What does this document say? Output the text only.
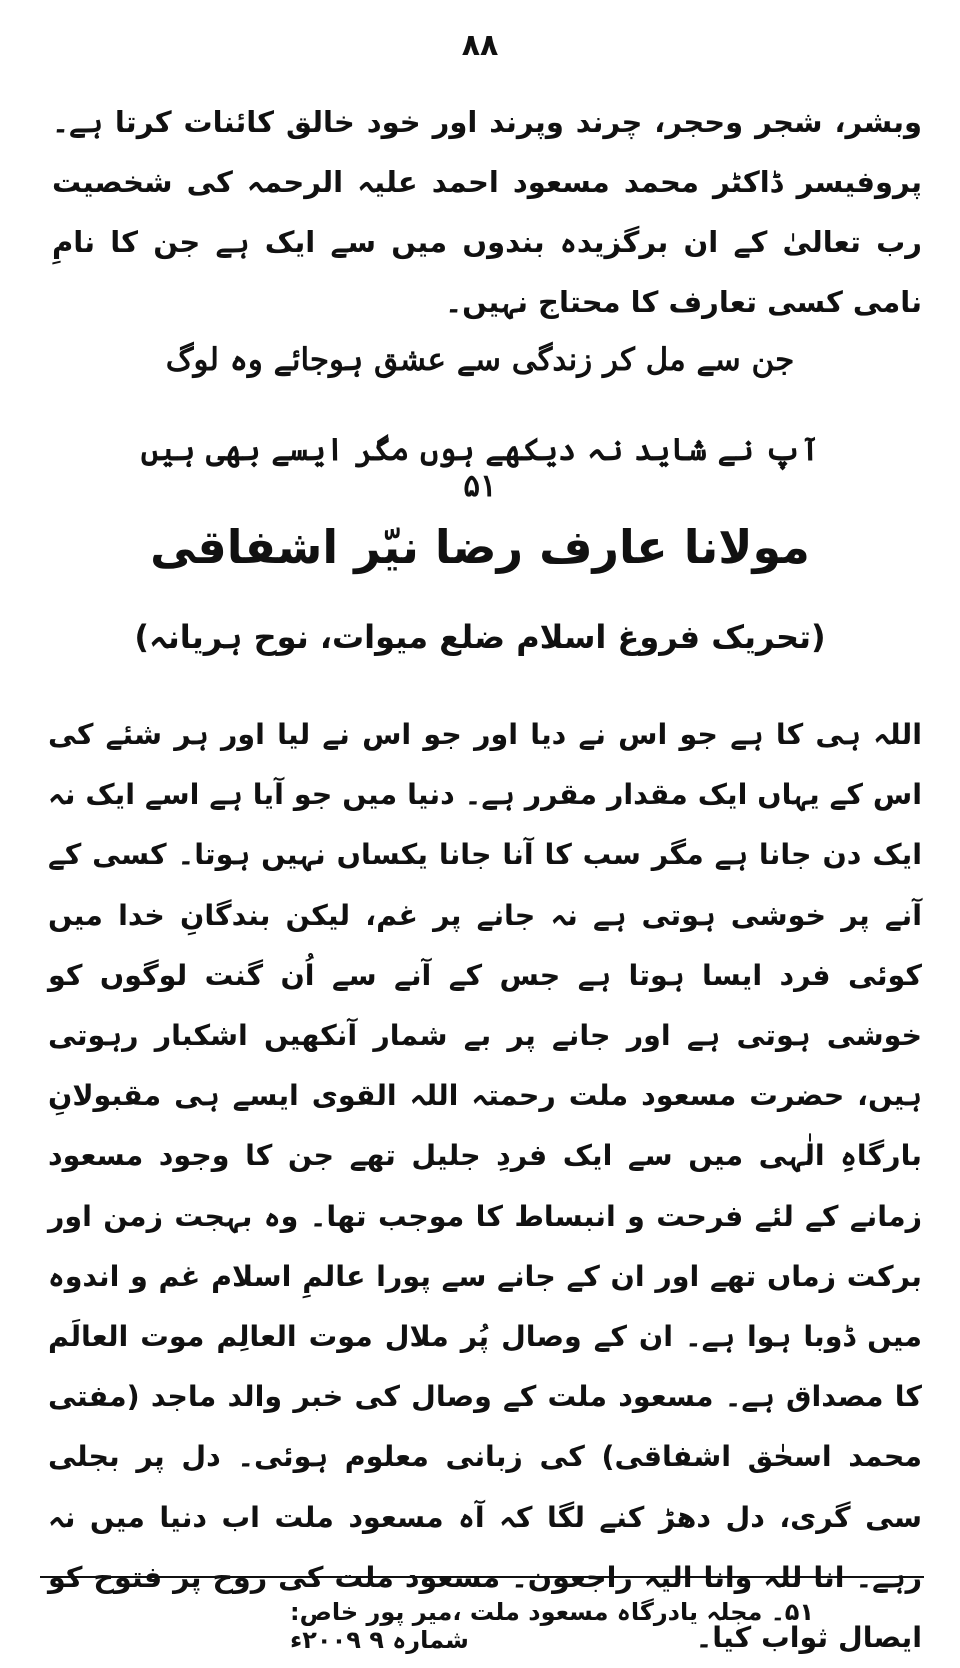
۸۸
وبشر، شجر وحجر، چرند وپرند اور خود خالق کائنات کرتا ہے۔ پروفیسر ڈاکٹر محمد مسعود احمد علیہ الرحمہ کی شخصیت رب تعالیٰ کے ان برگزیدہ بندوں میں سے ایک ہے جن کا نامِ نامی کسی تعارف کا محتاج نہیں۔
جن سے مل کر زندگی سے عشق ہوجائے وہ لوگ
آپ نے شاید نہ دیکھے ہوں مگر ایسے بھی ہیں ۵۱
مولانا عارف رضا نیّر اشفاقی
(تحریک فروغ اسلام ضلع میوات، نوح ہریانہ)
اللہ ہی کا ہے جو اس نے دیا اور جو اس نے لیا اور ہر شئے کی اس کے یہاں ایک مقدار مقرر ہے۔ دنیا میں جو آیا ہے اسے ایک نہ ایک دن جانا ہے مگر سب کا آنا جانا یکساں نہیں ہوتا۔ کسی کے آنے پر خوشی ہوتی ہے نہ جانے پر غم، لیکن بندگانِ خدا میں کوئی فرد ایسا ہوتا ہے جس کے آنے سے اُن گنت لوگوں کو خوشی ہوتی ہے اور جانے پر بے شمار آنکھیں اشکبار رہوتی ہیں، حضرت مسعود ملت رحمتہ اللہ القوی ایسے ہی مقبولانِ بارگاہِ الٰہی میں سے ایک فردِ جلیل تھے جن کا وجود مسعود زمانے کے لئے فرحت و انبساط کا موجب تھا۔ وہ بہجت زمن اور برکت زماں تھے اور ان کے جانے سے پورا عالمِ اسلام غم و اندوہ میں ڈوبا ہوا ہے۔ ان کے وصال پُر ملال موت العالِم موت العالَم کا مصداق ہے۔ مسعود ملت کے وصال کی خبر والد ماجد (مفتی محمد اسحٰق اشفاقی) کی زبانی معلوم ہوئی۔ دل پر بجلی سی گری، دل دھڑ کنے لگا کہ آہ مسعود ملت اب دنیا میں نہ رہے۔ انا للہ وانا الیہ راجعون۔ مسعود ملت کی روح پر فتوح کو ایصال ثواب کیا۔
۵۱۔ مجلہ یادرگاہ مسعود ملت ،میر پور خاص: شمارہ ۹ ۲۰۰۹ء
